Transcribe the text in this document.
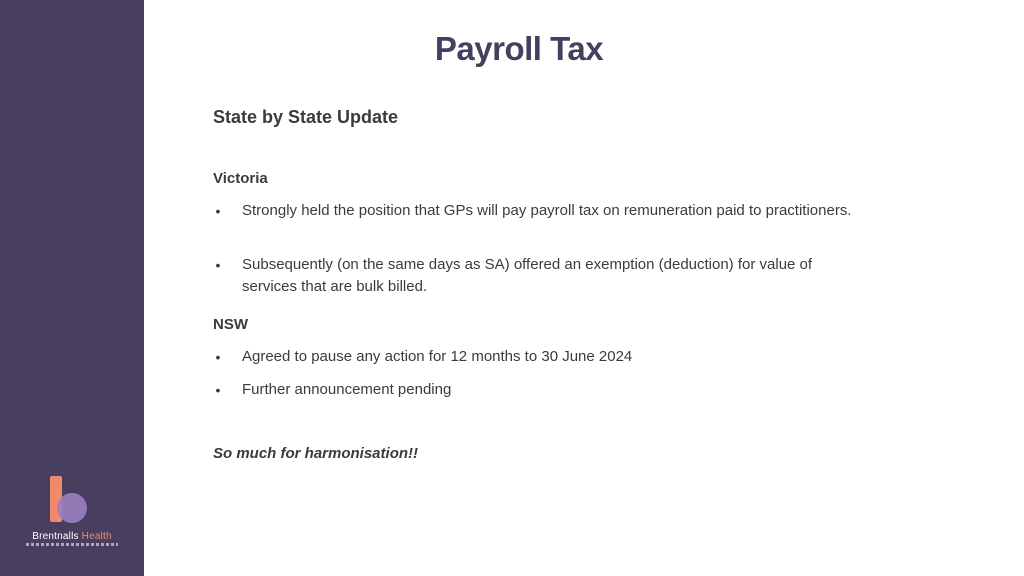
Brentnalls Health
Payroll Tax
State by State Update
Victoria
• Strongly held the position that GPs will pay payroll tax on remuneration paid to practitioners.
• Subsequently (on the same days as SA) offered an exemption (deduction) for value of services that are bulk billed.
NSW
• Agreed to pause any action for 12 months to 30 June 2024
• Further announcement pending
So much for harmonisation!!
